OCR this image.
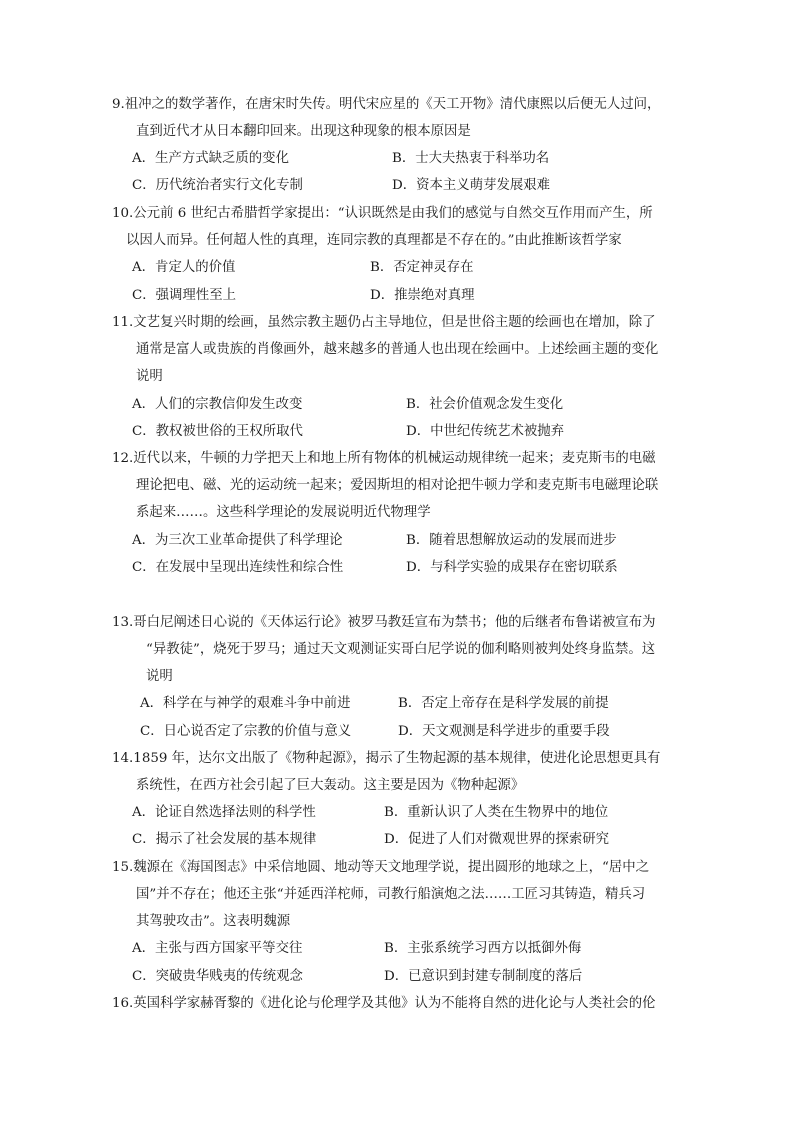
9.祖冲之的数学著作，在唐宋时失传。明代宋应星的《天工开物》清代康熙以后便无人过问，
直到近代才从日本翻印回来。出现这种现象的根本原因是
A．生产方式缺乏质的变化	B．士大夫热衷于科举功名
C．历代统治者实行文化专制	D．资本主义萌芽发展艰难
10.公元前 6 世纪古希腊哲学家提出：“认识既然是由我们的感觉与自然交互作用而产生，所
以因人而异。任何超人性的真理，连同宗教的真理都是不存在的。”由此推断该哲学家
A．肯定人的价值	B．否定神灵存在
C．强调理性至上	D．推崇绝对真理
11.文艺复兴时期的绘画，虽然宗教主题仍占主导地位，但是世俗主题的绘画也在增加，除了
通常是富人或贵族的肖像画外，越来越多的普通人也出现在绘画中。上述绘画主题的变化
说明
A．人们的宗教信仰发生改变	B．社会价值观念发生变化
C．教权被世俗的王权所取代	D．中世纪传统艺术被抛弃
12.近代以来，牛顿的力学把天上和地上所有物体的机械运动规律统一起来；麦克斯韦的电磁
理论把电、磁、光的运动统一起来；爱因斯坦的相对论把牛顿力学和麦克斯韦电磁理论联
系起来……。这些科学理论的发展说明近代物理学
A．为三次工业革命提供了科学理论	B．随着思想解放运动的发展而进步
C．在发展中呈现出连续性和综合性	D．与科学实验的成果存在密切联系
13.哥白尼阐述日心说的《天体运行论》被罗马教廷宣布为禁书；他的后继者布鲁诺被宣布为
“异教徒”，烧死于罗马；通过天文观测证实哥白尼学说的伽利略则被判处终身监禁。这
说明
A．科学在与神学的艰难斗争中前进	B．否定上帝存在是科学发展的前提
C．日心说否定了宗教的价值与意义	D．天文观测是科学进步的重要手段
14.1859 年，达尔文出版了《物种起源》，揭示了生物起源的基本规律，使进化论思想更具有
系统性，在西方社会引起了巨大轰动。这主要是因为《物种起源》
A．论证自然选择法则的科学性	B．重新认识了人类在生物界中的地位
C．揭示了社会发展的基本规律	D．促进了人们对微观世界的探索研究
15.魏源在《海国图志》中采信地圆、地动等天文地理学说，提出圆形的地球之上，“居中之
国”并不存在；他还主张“并延西洋柁师，司教行船演炮之法……工匠习其铸造，精兵习
其驾驶攻击”。这表明魏源
A．主张与西方国家平等交往	B．主张系统学习西方以抵御外侮
C．突破贵华贱夷的传统观念	D．已意识到封建专制制度的落后
16.英国科学家赫胥黎的《进化论与伦理学及其他》认为不能将自然的进化论与人类社会的伦
